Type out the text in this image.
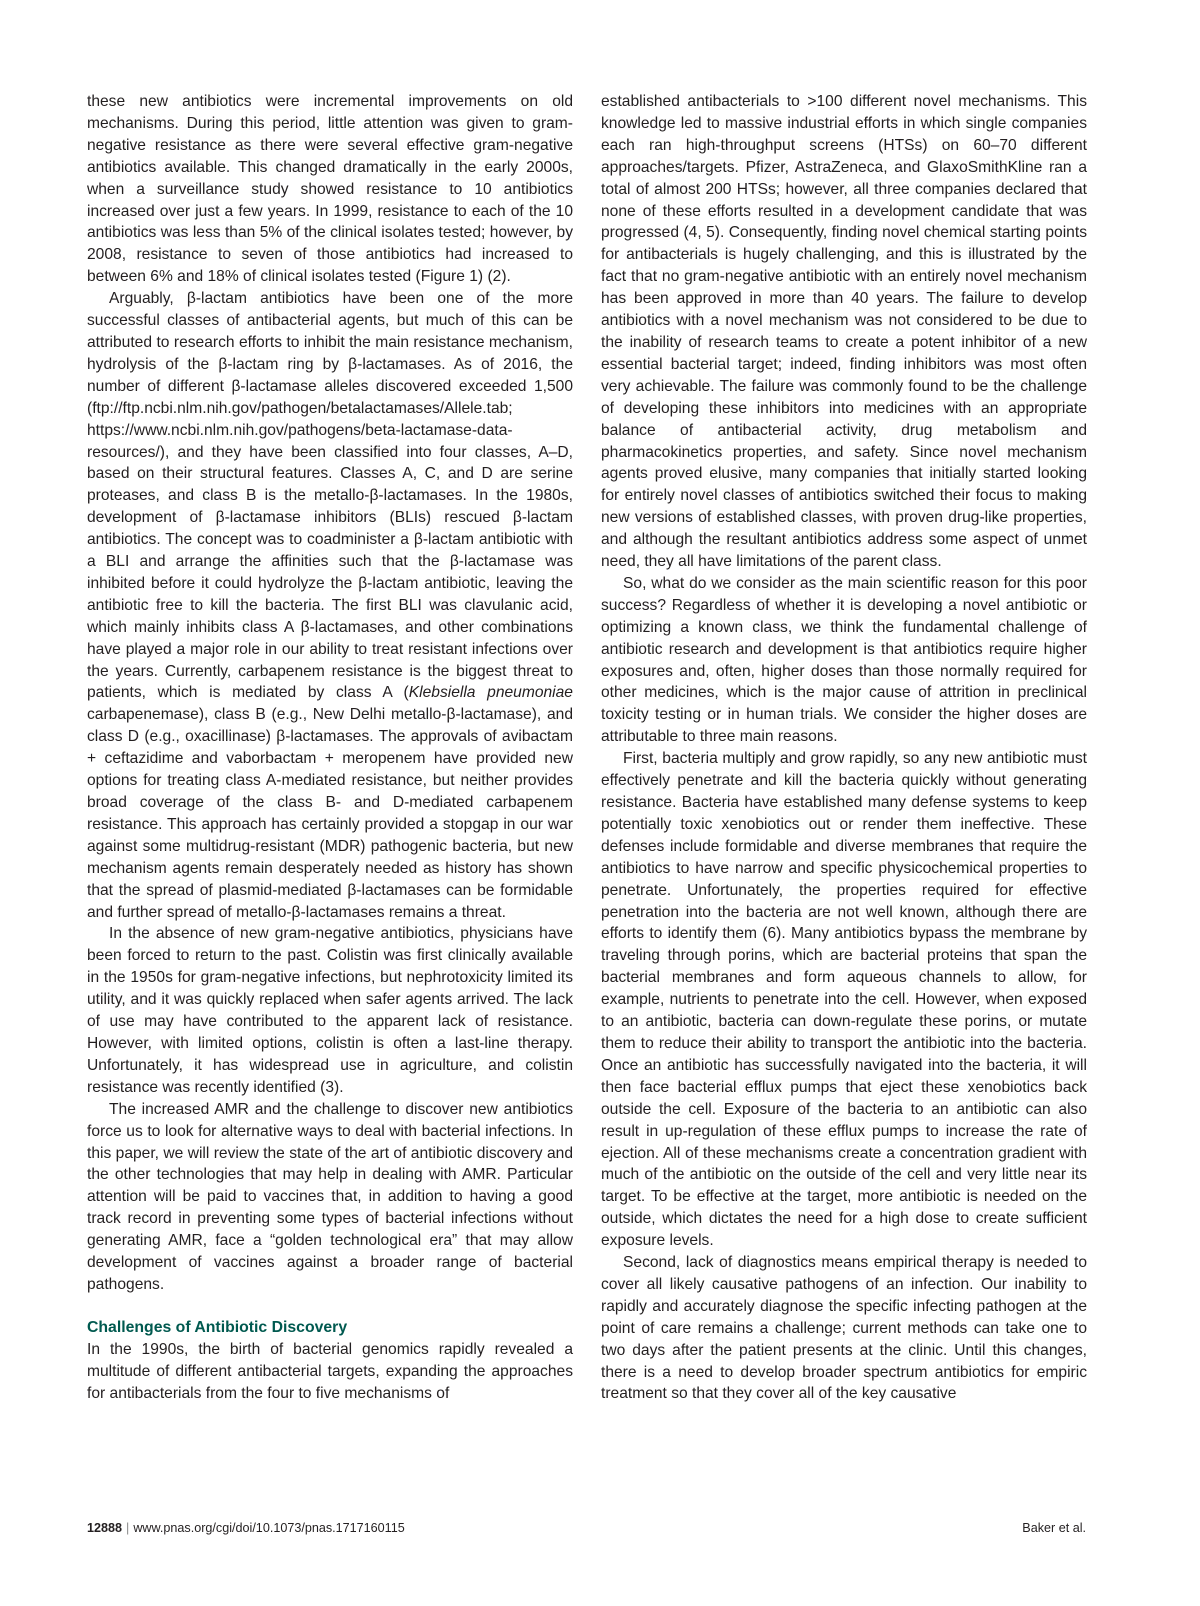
these new antibiotics were incremental improvements on old mechanisms. During this period, little attention was given to gram-negative resistance as there were several effective gram-negative antibiotics available. This changed dramatically in the early 2000s, when a surveillance study showed resistance to 10 antibiotics increased over just a few years. In 1999, resistance to each of the 10 antibiotics was less than 5% of the clinical isolates tested; however, by 2008, resistance to seven of those antibiotics had increased to between 6% and 18% of clinical isolates tested (Figure 1) (2).

Arguably, β-lactam antibiotics have been one of the more successful classes of antibacterial agents, but much of this can be attributed to research efforts to inhibit the main resistance mechanism, hydrolysis of the β-lactam ring by β-lactamases. As of 2016, the number of different β-lactamase alleles discovered exceeded 1,500 (ftp://ftp.ncbi.nlm.nih.gov/pathogen/betalactamases/Allele.tab; https://www.ncbi.nlm.nih.gov/pathogens/beta-lactamase-data-resources/), and they have been classified into four classes, A–D, based on their structural features. Classes A, C, and D are serine proteases, and class B is the metallo-β-lactamases. In the 1980s, development of β-lactamase inhibitors (BLIs) rescued β-lactam antibiotics. The concept was to coadminister a β-lactam antibiotic with a BLI and arrange the affinities such that the β-lactamase was inhibited before it could hydrolyze the β-lactam antibiotic, leaving the antibiotic free to kill the bacteria. The first BLI was clavulanic acid, which mainly inhibits class A β-lactamases, and other combinations have played a major role in our ability to treat resistant infections over the years. Currently, carbapenem resistance is the biggest threat to patients, which is mediated by class A (Klebsiella pneumoniae carbapenemase), class B (e.g., New Delhi metallo-β-lactamase), and class D (e.g., oxacillinase) β-lactamases. The approvals of avibactam + ceftazidime and vaborbactam + meropenem have provided new options for treating class A-mediated resistance, but neither provides broad coverage of the class B- and D-mediated carbapenem resistance. This approach has certainly provided a stopgap in our war against some multidrug-resistant (MDR) pathogenic bacteria, but new mechanism agents remain desperately needed as history has shown that the spread of plasmid-mediated β-lactamases can be formidable and further spread of metallo-β-lactamases remains a threat.

In the absence of new gram-negative antibiotics, physicians have been forced to return to the past. Colistin was first clinically available in the 1950s for gram-negative infections, but nephrotoxicity limited its utility, and it was quickly replaced when safer agents arrived. The lack of use may have contributed to the apparent lack of resistance. However, with limited options, colistin is often a last-line therapy. Unfortunately, it has widespread use in agriculture, and colistin resistance was recently identified (3).

The increased AMR and the challenge to discover new antibiotics force us to look for alternative ways to deal with bacterial infections. In this paper, we will review the state of the art of antibiotic discovery and the other technologies that may help in dealing with AMR. Particular attention will be paid to vaccines that, in addition to having a good track record in preventing some types of bacterial infections without generating AMR, face a “golden technological era” that may allow development of vaccines against a broader range of bacterial pathogens.

Challenges of Antibiotic Discovery

In the 1990s, the birth of bacterial genomics rapidly revealed a multitude of different antibacterial targets, expanding the approaches for antibacterials from the four to five mechanisms of

established antibacterials to >100 different novel mechanisms. This knowledge led to massive industrial efforts in which single companies each ran high-throughput screens (HTSs) on 60–70 different approaches/targets. Pfizer, AstraZeneca, and GlaxoSmithKline ran a total of almost 200 HTSs; however, all three companies declared that none of these efforts resulted in a development candidate that was progressed (4, 5). Consequently, finding novel chemical starting points for antibacterials is hugely challenging, and this is illustrated by the fact that no gram-negative antibiotic with an entirely novel mechanism has been approved in more than 40 years. The failure to develop antibiotics with a novel mechanism was not considered to be due to the inability of research teams to create a potent inhibitor of a new essential bacterial target; indeed, finding inhibitors was most often very achievable. The failure was commonly found to be the challenge of developing these inhibitors into medicines with an appropriate balance of antibacterial activity, drug metabolism and pharmacokinetics properties, and safety. Since novel mechanism agents proved elusive, many companies that initially started looking for entirely novel classes of antibiotics switched their focus to making new versions of established classes, with proven drug-like properties, and although the resultant antibiotics address some aspect of unmet need, they all have limitations of the parent class.

So, what do we consider as the main scientific reason for this poor success? Regardless of whether it is developing a novel antibiotic or optimizing a known class, we think the fundamental challenge of antibiotic research and development is that antibiotics require higher exposures and, often, higher doses than those normally required for other medicines, which is the major cause of attrition in preclinical toxicity testing or in human trials. We consider the higher doses are attributable to three main reasons.

First, bacteria multiply and grow rapidly, so any new antibiotic must effectively penetrate and kill the bacteria quickly without generating resistance. Bacteria have established many defense systems to keep potentially toxic xenobiotics out or render them ineffective. These defenses include formidable and diverse membranes that require the antibiotics to have narrow and specific physicochemical properties to penetrate. Unfortunately, the properties required for effective penetration into the bacteria are not well known, although there are efforts to identify them (6). Many antibiotics bypass the membrane by traveling through porins, which are bacterial proteins that span the bacterial membranes and form aqueous channels to allow, for example, nutrients to penetrate into the cell. However, when exposed to an antibiotic, bacteria can down-regulate these porins, or mutate them to reduce their ability to transport the antibiotic into the bacteria. Once an antibiotic has successfully navigated into the bacteria, it will then face bacterial efflux pumps that eject these xenobiotics back outside the cell. Exposure of the bacteria to an antibiotic can also result in up-regulation of these efflux pumps to increase the rate of ejection. All of these mechanisms create a concentration gradient with much of the antibiotic on the outside of the cell and very little near its target. To be effective at the target, more antibiotic is needed on the outside, which dictates the need for a high dose to create sufficient exposure levels.

Second, lack of diagnostics means empirical therapy is needed to cover all likely causative pathogens of an infection. Our inability to rapidly and accurately diagnose the specific infecting pathogen at the point of care remains a challenge; current methods can take one to two days after the patient presents at the clinic. Until this changes, there is a need to develop broader spectrum antibiotics for empiric treatment so that they cover all of the key causative

12888 | www.pnas.org/cgi/doi/10.1073/pnas.1717160115	Baker et al.
